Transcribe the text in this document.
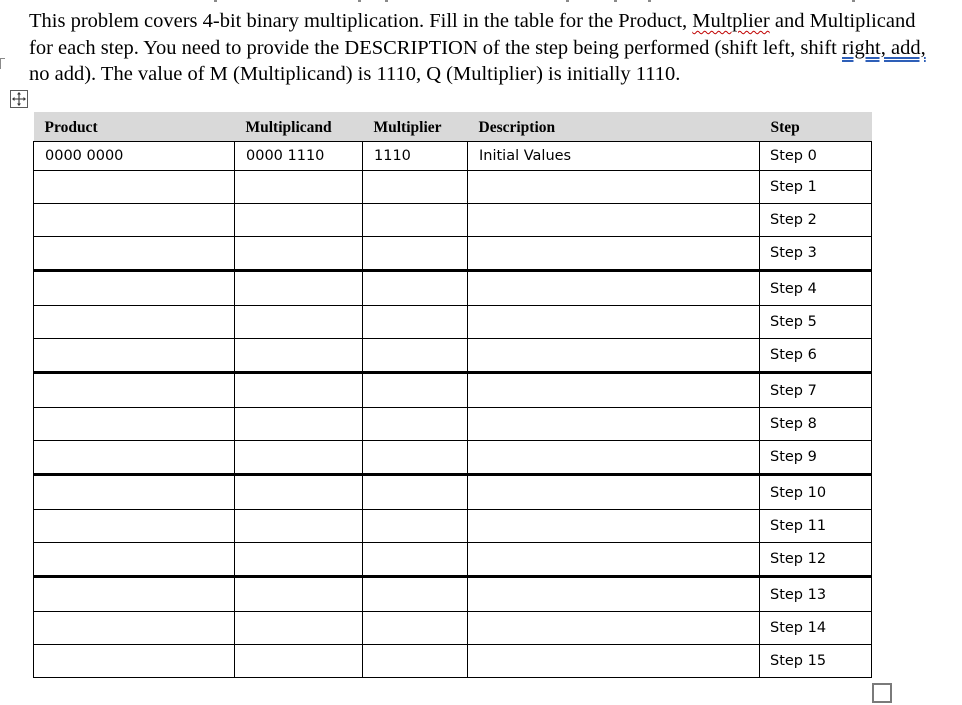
This problem covers 4-bit binary multiplication. Fill in the table for the Product, Multplier and Multiplicand
for each step. You need to provide the DESCRIPTION of the step being performed (shift left, shift right, add,
no add). The value of M (Multiplicand) is 1110, Q (Multiplier) is initially 1110.
Product	Multiplicand	Multiplier	Description	Step
0000 0000	0000 1110	1110	Initial Values	Step 0
				Step 1
				Step 2
				Step 3
				Step 4
				Step 5
				Step 6
				Step 7
				Step 8
				Step 9
				Step 10
				Step 11
				Step 12
				Step 13
				Step 14
				Step 15
